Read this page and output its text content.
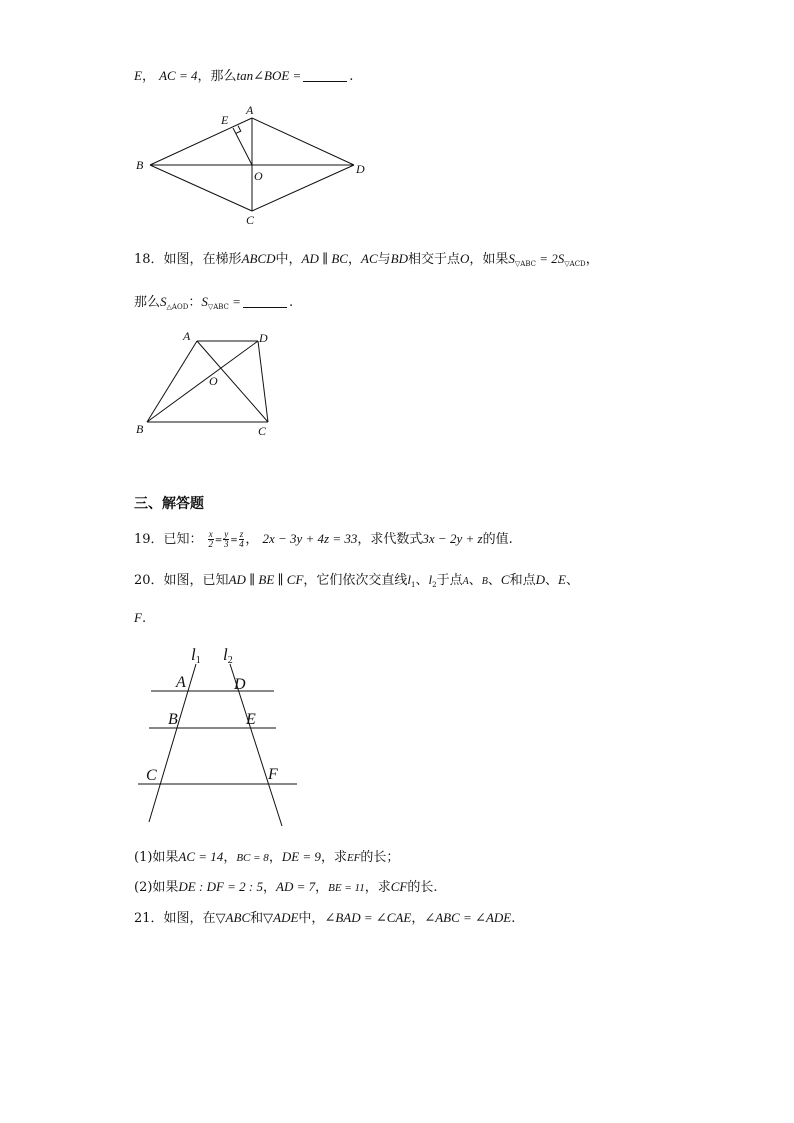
E， AC = 4，那么tan∠BOE =	.
A
E
B
O	D
C
18．如图，在梯形ABCD中，AD ∥ BC，AC与BD相交于点O，如果$S_{▽ABC} = 2S_{▽ACD}$，
那么$S_{\triangle AOD}$：$S_{▽ABC}$ =	.
A	D
O
B	C
三、解答题
19．已知： $\frac{x}{2} = \frac{y}{3} = \frac{z}{4}$ ， 2x − 3y + 4z = 33，求代数式3x − 2y + z的值.
20．如图，已知AD ∥ BE ∥ CF，它们依次交直线$l_1$、$l_2$于点A、B、C和点D、E、
F.
l1 l2
A	D
B	E
C	F
(1)如果AC = 14，BC = 8，DE = 9，求EF的长；
(2)如果DE : DF = 2 : 5，AD = 7，BE = 11，求CF的长.
21．如图，在▽ABC和▽ADE中，∠BAD = ∠CAE，∠ABC = ∠ADE.
